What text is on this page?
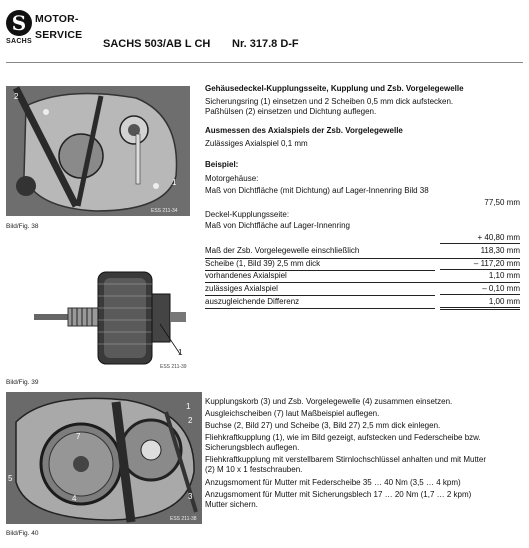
S
SACHS
MOTOR-
SERVICE
SACHS 503/AB L CH Nr. 317.8 D-F
2
1
ESS 211-34
Bild/Fig. 38
1
ESS 211-39
Bild/Fig. 39
1
2
3
4
5
7
ESS 211-38
Bild/Fig. 40
Gehäusedeckel-Kupplungsseite, Kupplung und Zsb. Vorgelegewelle
Sicherungsring (1) einsetzen und 2 Scheiben 0,5 mm dick aufstecken.
Paßhülsen (2) einsetzen und Dichtung auflegen.
Ausmessen des Axialspiels der Zsb. Vorgelegewelle
Zulässiges Axialspiel 0,1 mm
Beispiel:
Motorgehäuse:
Maß von Dichtfläche (mit Dichtung) auf Lager-Innenring Bild 38
77,50 mm
Deckel-Kupplungsseite:
Maß von Dichtfläche auf Lager-Innenring
+ 40,80 mm
Maß der Zsb. Vorgelegewelle einschließlich	118,30 mm
Scheibe (1, Bild 39) 2,5 mm dick	– 117,20 mm
vorhandenes Axialspiel	1,10 mm
zulässiges Axialspiel	– 0,10 mm
auszugleichende Differenz	1,00 mm
Kupplungskorb (3) und Zsb. Vorgelegewelle (4) zusammen einsetzen.
Ausgleichscheiben (7) laut Maßbeispiel auflegen.
Buchse (2, Bild 27) und Scheibe (3, Bild 27) 2,5 mm dick einlegen.
Fliehkraftkupplung (1), wie im Bild gezeigt, aufstecken und Federscheibe bzw.
Sicherungsblech auflegen.
Fliehkraftkupplung mit verstellbarem Stirnlochschlüssel anhalten und mit Mutter
(2) M 10 x 1 festschrauben.
Anzugsmoment für Mutter mit Federscheibe 35 … 40 Nm (3,5 … 4 kpm)
Anzugsmoment für Mutter mit Sicherungsblech 17 … 20 Nm (1,7 … 2 kpm)
Mutter sichern.
